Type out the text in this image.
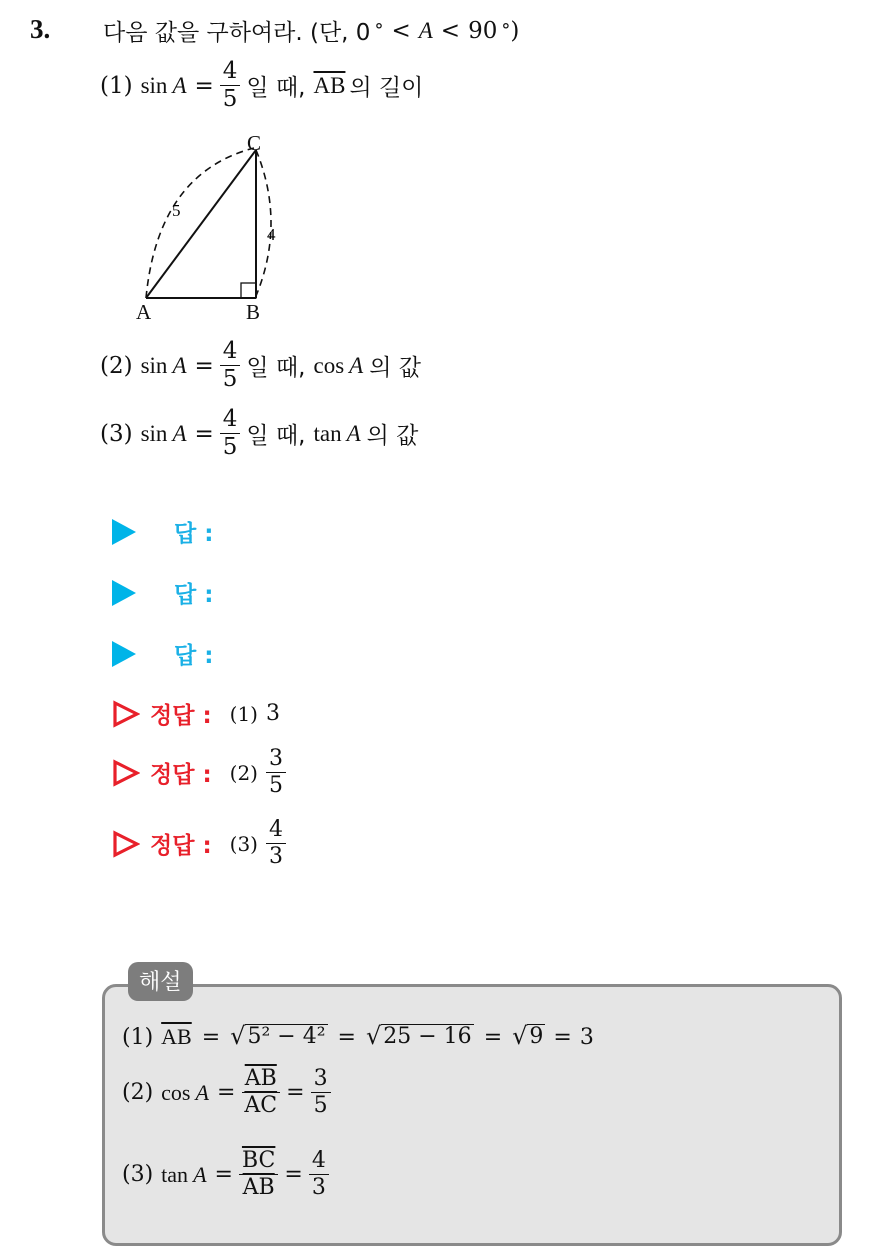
3. 다음 값을 구하여라. (단, 0 ° < A < 90 ° )
(1) $\sin A = \frac{4}{5}$ 일 때, $\overline{AB}$ 의 길이
5
4
C
A	B
(2) $\sin A = \frac{4}{5}$ 일 때, cos A 의 값
(3) $\sin A = \frac{4}{5}$ 일 때, tan A 의 값
답 :
답 :
답 :
정답 : (1) 3
정답 : $(2) \frac{3}{5}$
정답 : $(3) \frac{4}{3}$
해설
(1) $\overline{AB}$ = √ 5² − 4² = √ 25 − 16 = √ 9 = 3
(2) $\cos A = \frac{\overline{AB}}{AC} = \frac{3}{5}$
(3) $\tan A = \frac{\overline{BC}}{AB} = \frac{4}{3}$
